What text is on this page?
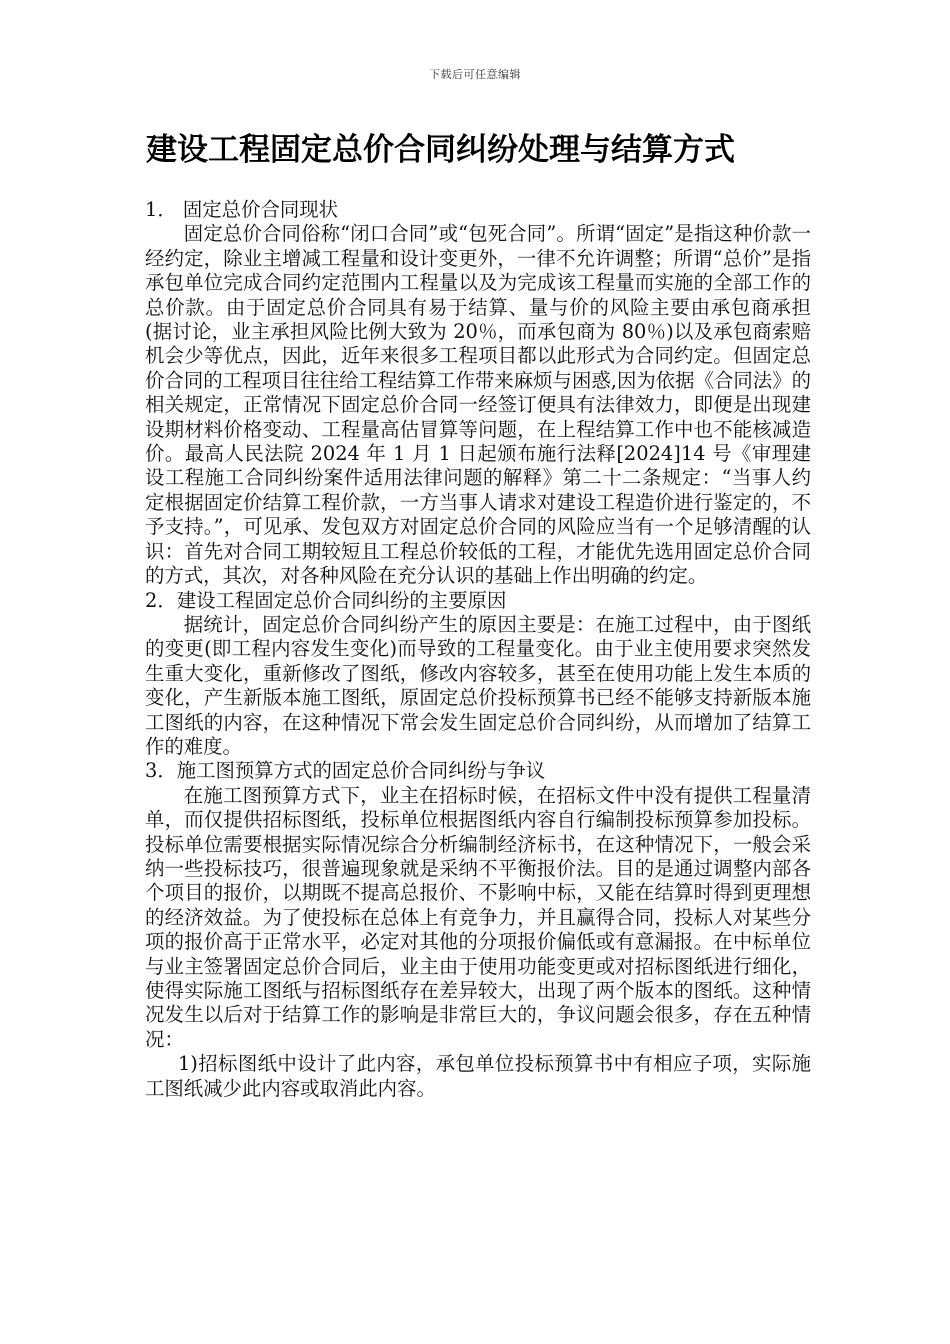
下载后可任意编辑
建设工程固定总价合同纠纷处理与结算方式

1． 固定总价合同现状

固定总价合同俗称“闭口合同”或“包死合同”。所谓“固定”是指这种价款一经约定，除业主增减工程量和设计变更外，一律不允许调整；所谓“总价”是指承包单位完成合同约定范围内工程量以及为完成该工程量而实施的全部工作的总价款。由于固定总价合同具有易于结算、量与价的风险主要由承包商承担(据讨论，业主承担风险比例大致为 20％，而承包商为 80％)以及承包商索赔机会少等优点，因此，近年来很多工程项目都以此形式为合同约定。但固定总价合同的工程项目往往给工程结算工作带来麻烦与困惑,因为依据《合同法》的相关规定，正常情况下固定总价合同一经签订便具有法律效力，即便是出现建设期材料价格变动、工程量高估冒算等问题，在上程结算工作中也不能核减造价。最高人民法院 2024 年 1 月 1 日起颁布施行法释[2024]14 号《审理建设工程施工合同纠纷案件适用法律问题的解释》第二十二条规定：“当事人约定根据固定价结算工程价款，一方当事人请求对建设工程造价进行鉴定的，不予支持。”，可见承、发包双方对固定总价合同的风险应当有一个足够清醒的认识：首先对合同工期较短且工程总价较低的工程，才能优先选用固定总价合同的方式，其次，对各种风险在充分认识的基础上作出明确的约定。

2．建设工程固定总价合同纠纷的主要原因

据统计，固定总价合同纠纷产生的原因主要是：在施工过程中，由于图纸的变更(即工程内容发生变化)而导致的工程量变化。由于业主使用要求突然发生重大变化，重新修改了图纸，修改内容较多，甚至在使用功能上发生本质的变化，产生新版本施工图纸，原固定总价投标预算书已经不能够支持新版本施工图纸的内容，在这种情况下常会发生固定总价合同纠纷，从而增加了结算工作的难度。

3．施工图预算方式的固定总价合同纠纷与争议

在施工图预算方式下，业主在招标时候，在招标文件中没有提供工程量清单，而仅提供招标图纸，投标单位根据图纸内容自行编制投标预算参加投标。投标单位需要根据实际情况综合分析编制经济标书，在这种情况下，一般会采纳一些投标技巧，很普遍现象就是采纳不平衡报价法。目的是通过调整内部各个项目的报价，以期既不提高总报价、不影响中标，又能在结算时得到更理想的经济效益。为了使投标在总体上有竞争力，并且赢得合同，投标人对某些分项的报价高于正常水平，必定对其他的分项报价偏低或有意漏报。在中标单位与业主签署固定总价合同后，业主由于使用功能变更或对招标图纸进行细化，使得实际施工图纸与招标图纸存在差异较大，出现了两个版本的图纸。这种情况发生以后对于结算工作的影响是非常巨大的，争议问题会很多，存在五种情况：

1)招标图纸中设计了此内容，承包单位投标预算书中有相应子项，实际施工图纸减少此内容或取消此内容。
